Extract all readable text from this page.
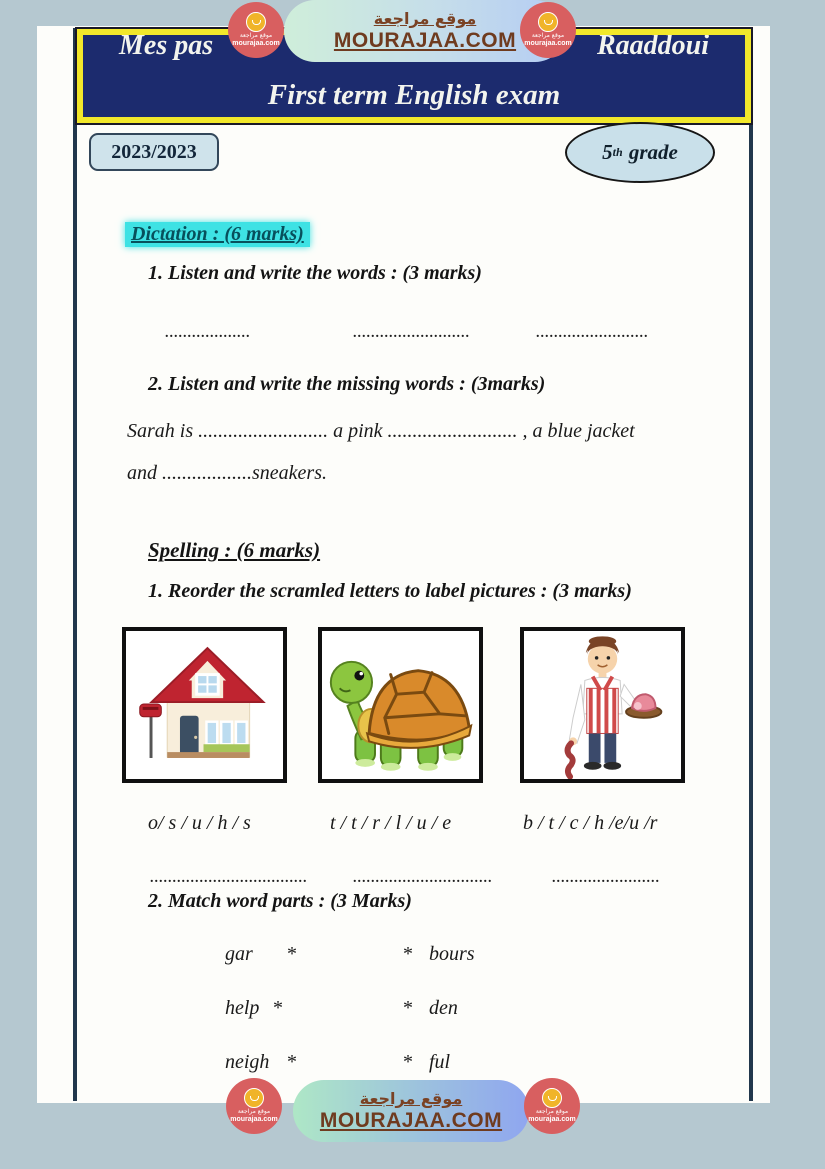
Mes pas	Raaddoui
First term English exam
2023/2023	5 th
grade
Dictation : (6 marks)
1. Listen and write the words : (3 marks)
...................	..........................	.........................
2. Listen and write the missing words : (3marks)
Sarah is .......................... a pink .......................... , a blue jacket
and ..................sneakers.
Spelling : (6 marks)
1. Reorder the scramled letters to label pictures : (3 marks)
o/ s / u / h / s	t / t / r / l / u / e	b / t / c / h /e/u /r
...................................	...............................	........................
2. Match word parts : (3 Marks)
gar *	* bours
help *	* den
neigh *	* ful
موقع مراجعة
MOURAJAA.COM
موقع مراجعة
mourajaa.com
موقع مراجعة
mourajaa.com
موقع مراجعة
MOURAJAA.COM
موقع مراجعة
mourajaa.com
موقع مراجعة
mourajaa.com
